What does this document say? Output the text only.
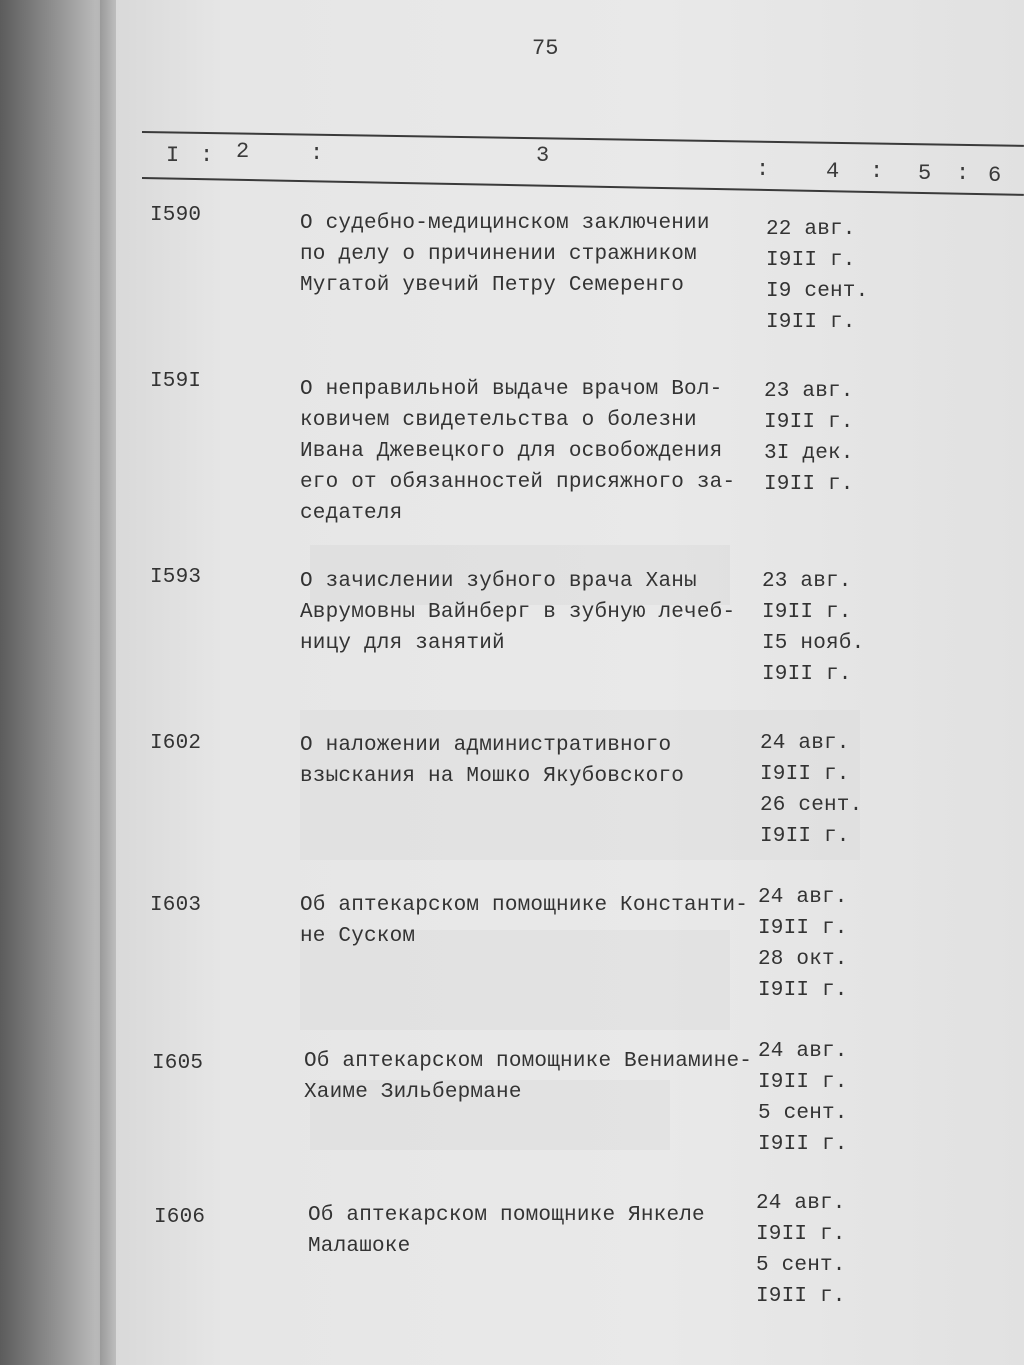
75
I : 2	:	3
:	4 : 5 : 6
I590	О судебно-медицинском заключении
по делу о причинении стражником
Мугатой увечий Петру Семеренго
22 авг.
I9II г.
I9 сент.
I9II г.
I59I	О неправильной выдаче врачом Вол-
ковичем свидетельства о болезни
Ивана Джевецкого для освобождения
его от обязанностей присяжного за-
седателя
23 авг.
I9II г.
3I дек.
I9II г.
I593	О зачислении зубного врача Ханы
Аврумовны Вайнберг в зубную лечеб-
ницу для занятий
23 авг.
I9II г.
I5 нояб.
I9II г.
I602	О наложении административного
взыскания на Мошко Якубовского
24 авг.
I9II г.
26 сент.
I9II г.
I603	Об аптекарском помощнике Константи-
не Суском
24 авг.
I9II г.
28 окт.
I9II г.
I605	Об аптекарском помощнике Вениамине-
Хаиме Зильбермане
24 авг.
I9II г.
5 сент.
I9II г.
I606	Об аптекарском помощнике Янкеле
Малашоке
24 авг.
I9II г.
5 сент.
I9II г.
